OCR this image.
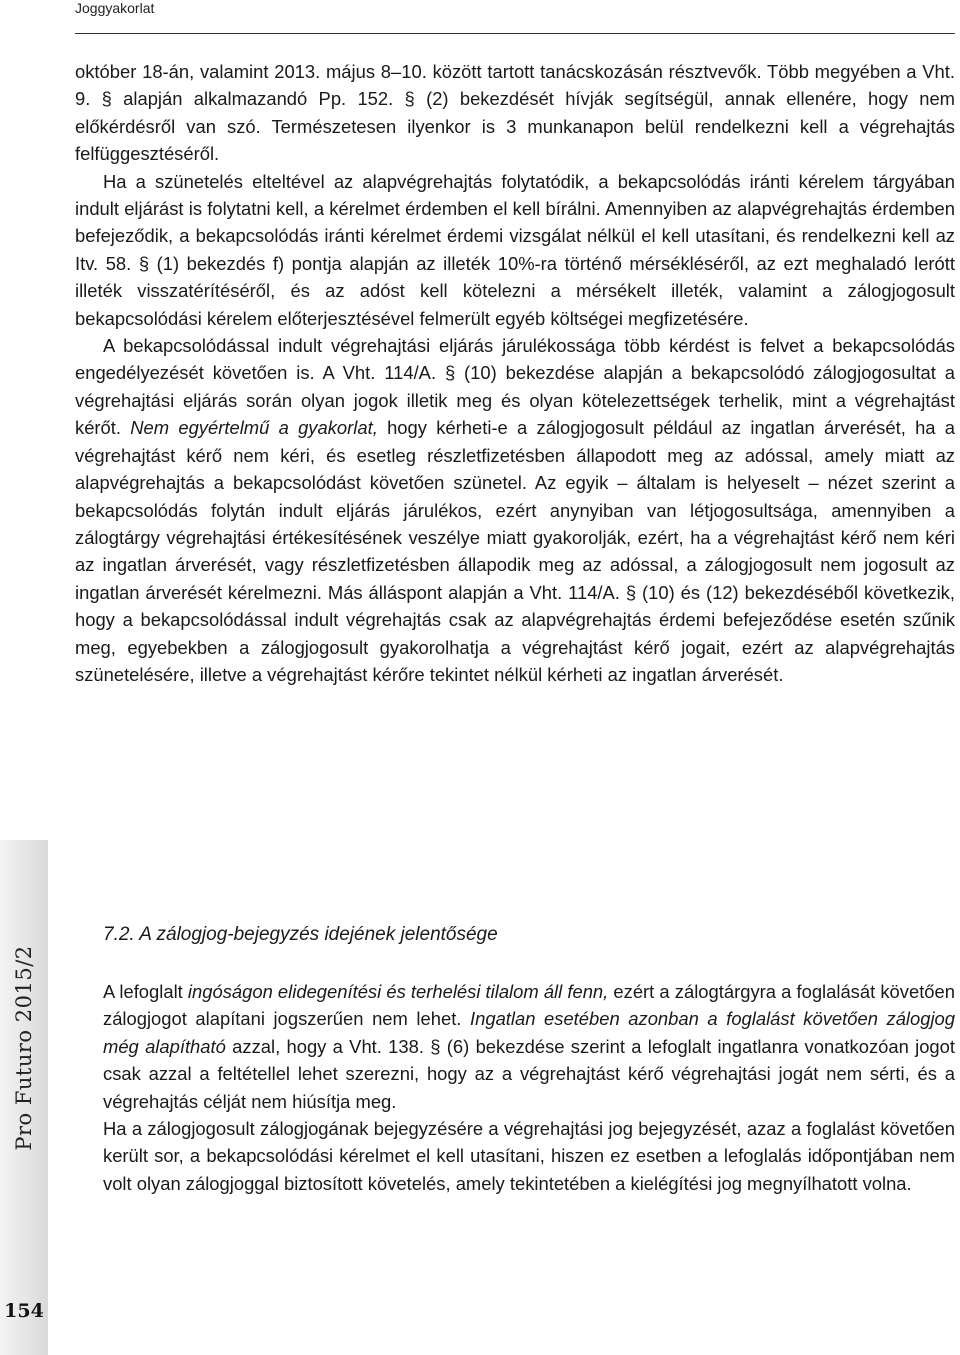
Joggyakorlat

október 18-án, valamint 2013. május 8–10. között tartott tanácskozásán résztvevők. Több megyében a Vht. 9. § alapján alkalmazandó Pp. 152. § (2) bekezdését hívják segítségül, annak ellenére, hogy nem előkérdésről van szó. Természetesen ilyenkor is 3 munkanapon belül rendelkezni kell a végrehajtás felfüggesztéséről.

Ha a szünetelés elteltével az alapvégrehajtás folytatódik, a bekapcsolódás iránti kérelem tárgyában indult eljárást is folytatni kell, a kérelmet érdemben el kell bírálni. Amennyiben az alapvégrehajtás érdemben befejeződik, a bekapcsolódás iránti kérelmet érdemi vizsgálat nélkül el kell utasítani, és rendelkezni kell az Itv. 58. § (1) bekezdés f) pontja alapján az illeték 10%-ra történő mérsékléséről, az ezt meghaladó lerótt illeték visszatérítéséről, és az adóst kell kötelezni a mérsékelt illeték, valamint a zálogjogosult bekapcsolódási kérelem előterjesztésével felmerült egyéb költségei megfizetésére.

A bekapcsolódással indult végrehajtási eljárás járulékossága több kérdést is felvet a bekapcsolódás engedélyezését követően is. A Vht. 114/A. § (10) bekezdése alapján a bekapcsolódó zálogjogosultat a végrehajtási eljárás során olyan jogok illetik meg és olyan kötelezettségek terhelik, mint a végrehajtást kérőt. Nem egyértelmű a gyakorlat, hogy kérheti-e a zálogjogosult például az ingatlan árverését, ha a végrehajtást kérő nem kéri, és esetleg részletfizetésben állapodott meg az adóssal, amely miatt az alapvégrehajtás a bekapcsolódást követően szünetel. Az egyik – általam is helyeselt – nézet szerint a bekapcsolódás folytán indult eljárás járulékos, ezért anynyiban van létjogosultsága, amennyiben a zálogtárgy végrehajtási értékesítésének veszélye miatt gyakorolják, ezért, ha a végrehajtást kérő nem kéri az ingatlan árverését, vagy részletfizetésben állapodik meg az adóssal, a zálogjogosult nem jogosult az ingatlan árverését kérelmezni. Más álláspont alapján a Vht. 114/A. § (10) és (12) bekezdéséből következik, hogy a bekapcsolódással indult végrehajtás csak az alapvégrehajtás érdemi befejeződése esetén szűnik meg, egyebekben a zálogjogosult gyakorolhatja a végrehajtást kérő jogait, ezért az alapvégrehajtás szünetelésére, illetve a végrehajtást kérőre tekintet nélkül kérheti az ingatlan árverését.

7.2. A zálogjog-bejegyzés idejének jelentősége

A lefoglalt ingóságon elidegenítési és terhelési tilalom áll fenn, ezért a zálogtárgyra a foglalását követően zálogjogot alapítani jogszerűen nem lehet. Ingatlan esetében azonban a foglalást követően zálogjog még alapítható azzal, hogy a Vht. 138. § (6) bekezdése szerint a lefoglalt ingatlanra vonatkozóan jogot csak azzal a feltétellel lehet szerezni, hogy az a végrehajtást kérő végrehajtási jogát nem sérti, és a végrehajtás célját nem hiúsítja meg.

Ha a zálogjogosult zálogjogának bejegyzésére a végrehajtási jog bejegyzését, azaz a foglalást követően került sor, a bekapcsolódási kérelmet el kell utasítani, hiszen ez esetben a lefoglalás időpontjában nem volt olyan zálogjoggal biztosított követelés, amely tekintetében a kielégítési jog megnyílhatott volna.

Pro Futuro 2015/2
154
